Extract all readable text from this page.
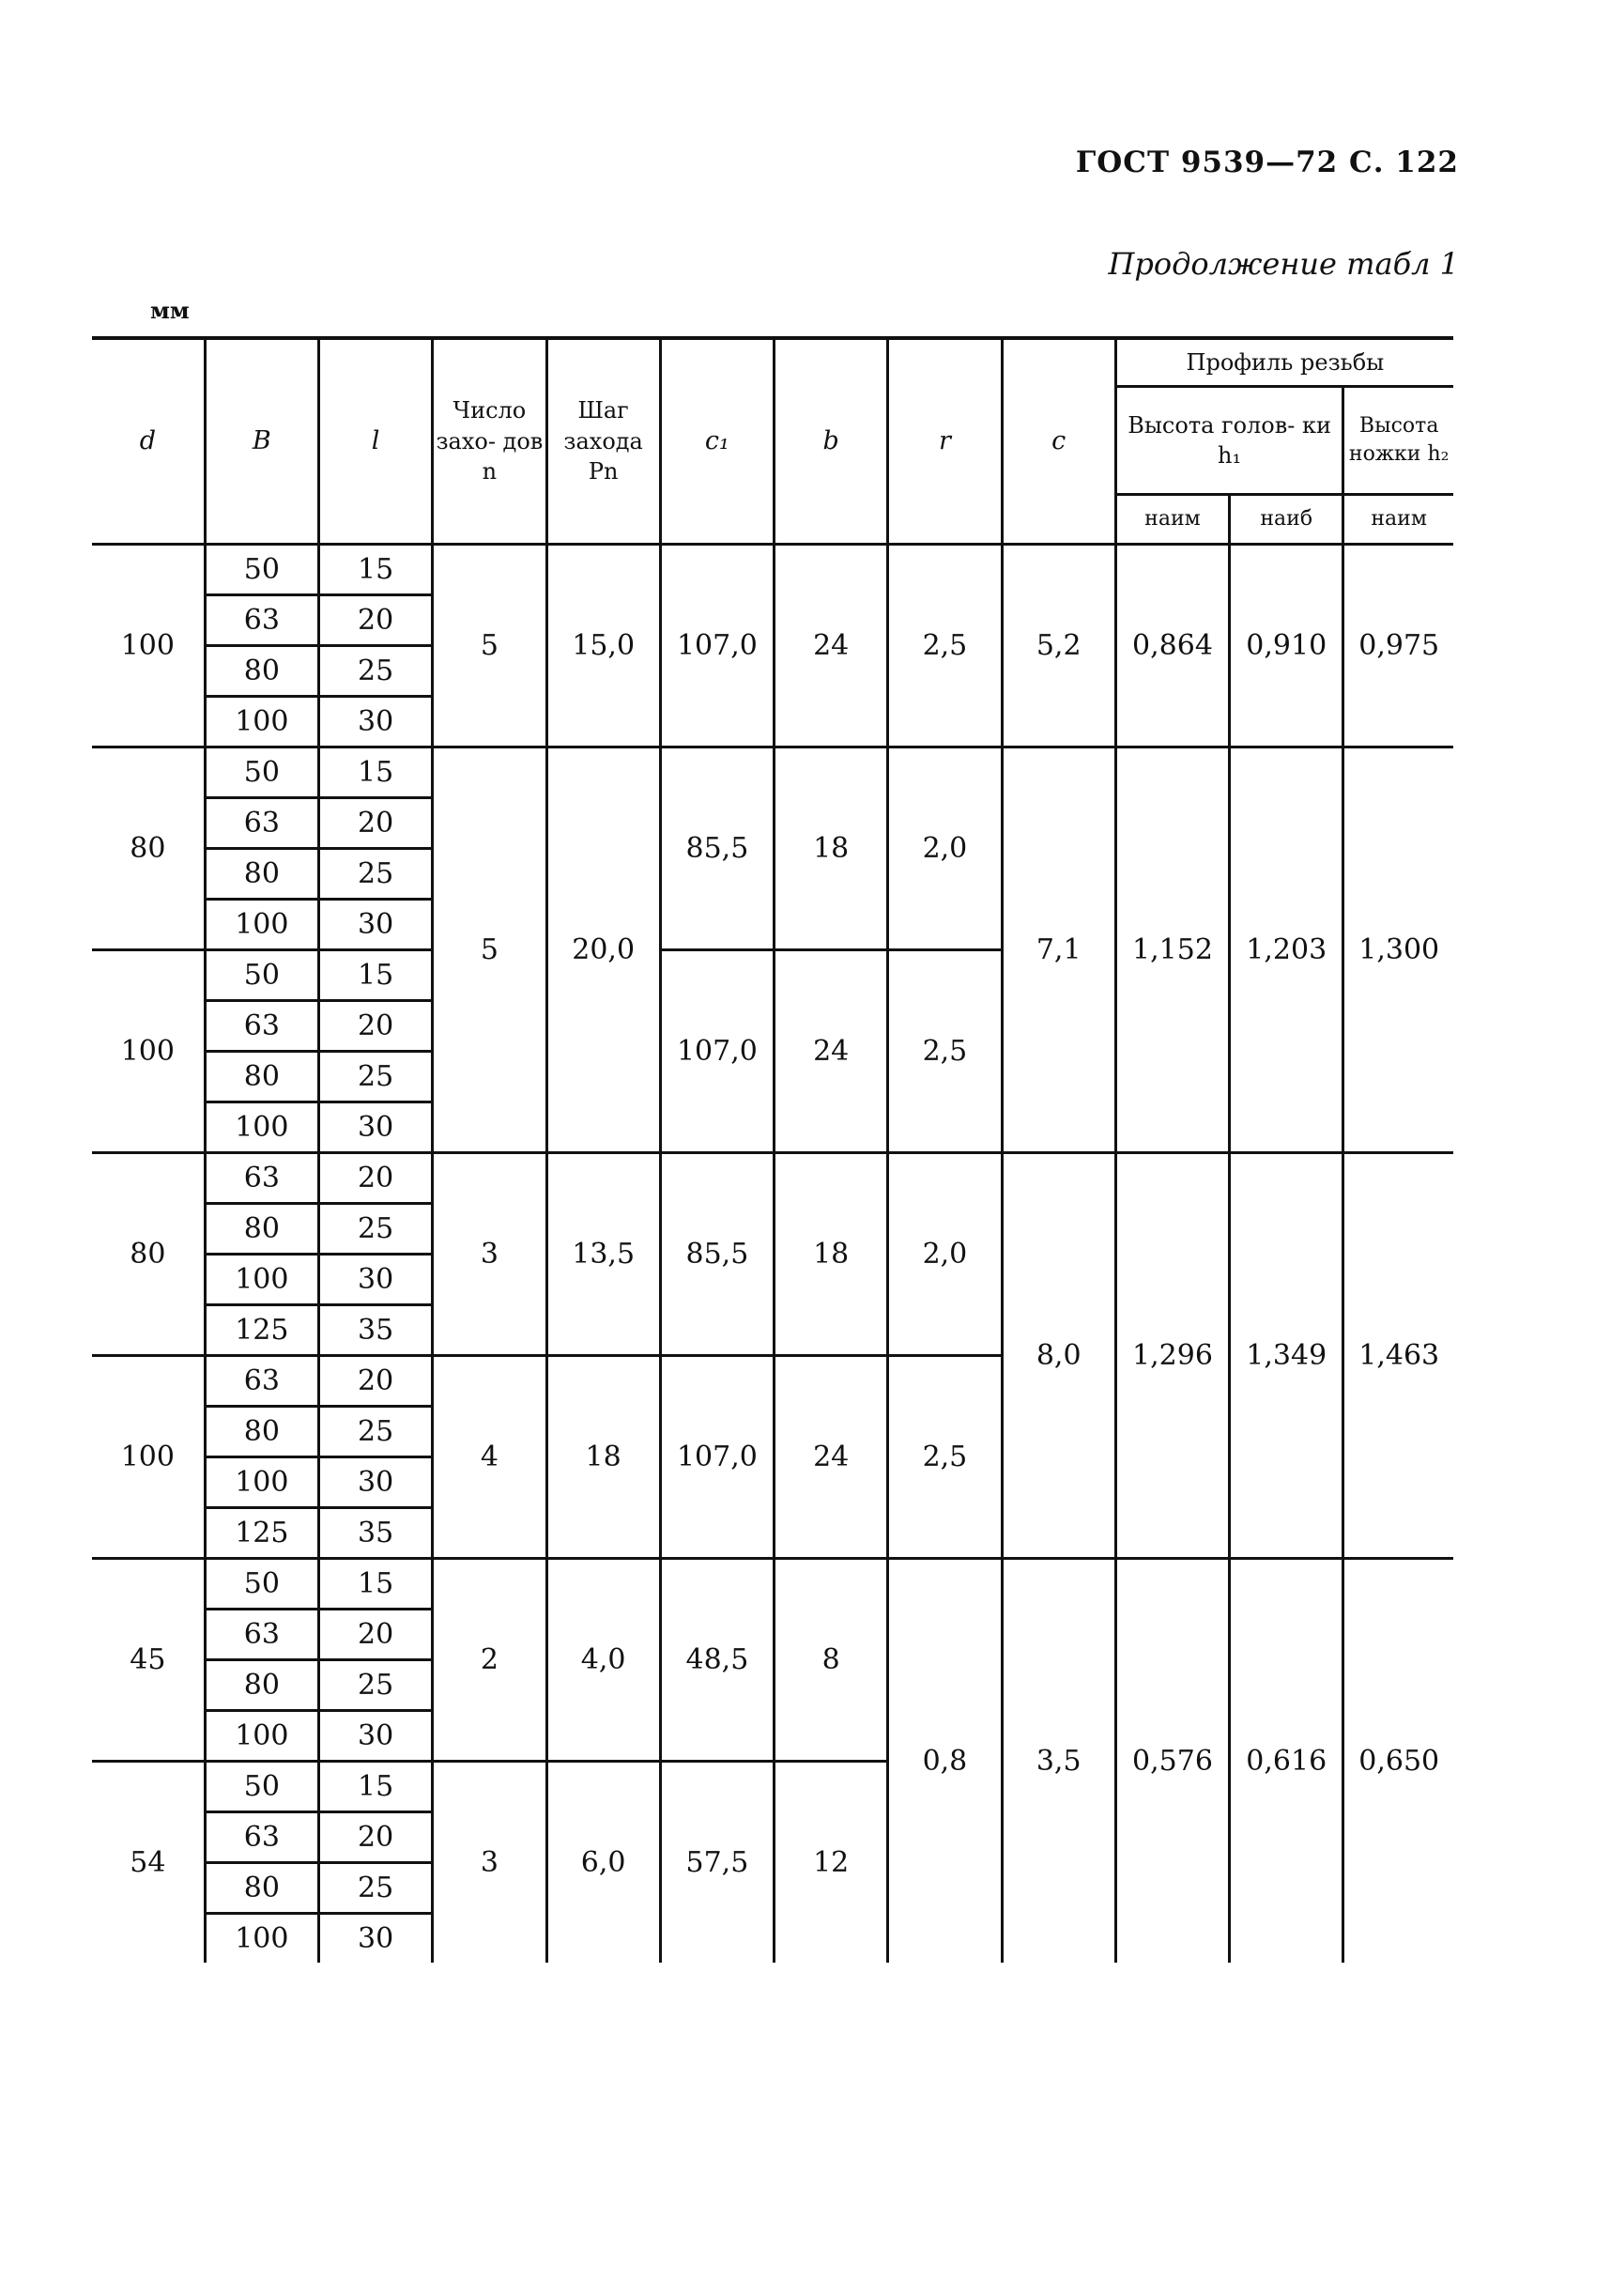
ГОСТ 9539—72 С. 122
Продолжение табл 1
мм
d	B	l	Число захо- дов n	Шаг захода Pn	c₁	b	r	c	Профиль резьбы		
									Высота голов- ки h₁		Высота ножки h₂
									наим	наиб	наим
100	50	15	5	15,0	107,0	24	2,5	5,2	0,864	0,910	0,975
	63	20									
	80	25									
	100	30									
80	50	15	5	20,0	85,5	18	2,0	7,1	1,152	1,203	1,300
	63	20									
	80	25									
	100	30									
100	50	15			107,0	24	2,5				
	63	20									
	80	25									
	100	30									
80	63	20	3	13,5	85,5	18	2,0	8,0	1,296	1,349	1,463
	80	25									
	100	30									
	125	35									
100	63	20	4	18	107,0	24	2,5				
	80	25									
	100	30									
	125	35									
45	50	15	2	4,0	48,5	8	0,8	3,5	0,576	0,616	0,650
	63	20									
	80	25									
	100	30									
54	50	15	3	6,0	57,5	12					
	63	20									
	80	25									
	100	30									
